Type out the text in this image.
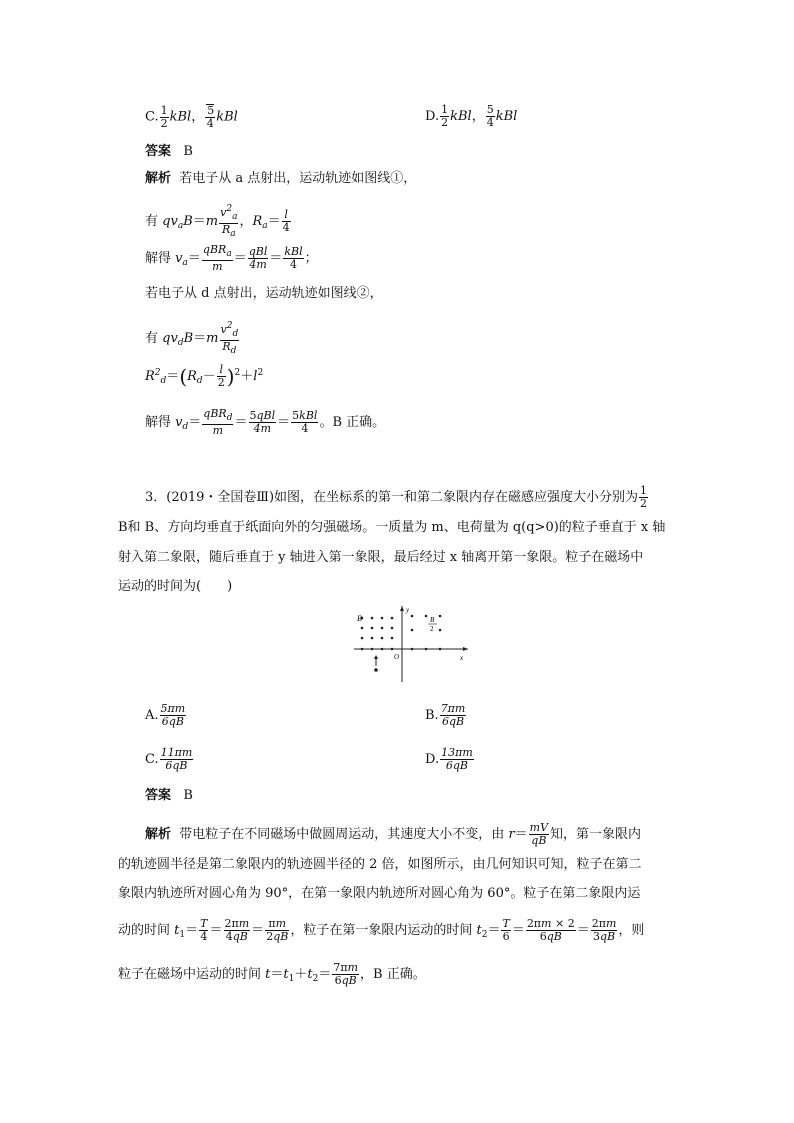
C. $\frac{1}{2}$ kBl， $\frac{5}{4}$ kBl	D. $\frac{1}{2}$ kBl， $\frac{5}{4}$ kBl
答案 B
解析 若电子从 a 点射出，运动轨迹如图线①，
有 $qv_aB=m \frac{v^2_a}{R_a}$ ，$R_a= \frac{l}{4}$
解得 $v_a= \frac{qBR_a}{m} = \frac{\text{qBl}}{4m} = \frac{\text{kBl}}{4}$ ；
若电子从 d 点射出，运动轨迹如图线②，
有 $qv_dB=m \frac{v^2_d}{R_d}$
$R^2_d=(R_d- \frac{l}{2} )^2+l^2$
解得 $v_d= \frac{qBR_d}{m} = \frac{\text{5qBl}}{4m} = \frac{\text{5kBl}}{4}$ 。B 正确。
3．(2019・全国卷Ⅲ)如图，在坐标系的第一和第二象限内存在磁感应强度大小分别为 $\frac{1}{2}$
B和 B、方向均垂直于纸面向外的匀强磁场。一质量为 m、电荷量为 q(q>0)的粒子垂直于 x 轴
射入第二象限，随后垂直于 y 轴进入第一象限，最后经过 x 轴离开第一象限。粒子在磁场中
运动的时间为(　　)
B	B
2
O	x
y
A. $\frac{5\pi m}{6qB}$	B. $\frac{7\pi m}{6qB}$
C. $\frac{11\pi m}{6qB}$	D. $\frac{13\pi m}{6qB}$
答案 B
解析 带电粒子在不同磁场中做圆周运动，其速度大小不变，由 $r= \frac{mV}{qB}$ 知，第一象限内
的轨迹圆半径是第二象限内的轨迹圆半径的 2 倍，如图所示，由几何知识可知，粒子在第二
象限内轨迹所对圆心角为 90°，在第一象限内轨迹所对圆心角为 60°。粒子在第二象限内运
动的时间 $t_1= \frac{T}{4} = \frac{2\pi m}{4qB} = \frac{\pi m}{2qB}$ ，粒子在第一象限内运动的时间 $t_2= \frac{T}{6} = \frac{2\pi m \times 2}{6qB} = \frac{2\pi m}{3qB}$ ，则
粒子在磁场中运动的时间 $t=t_1+t_2= \frac{7\pi m}{6qB}$ ，B 正确。
